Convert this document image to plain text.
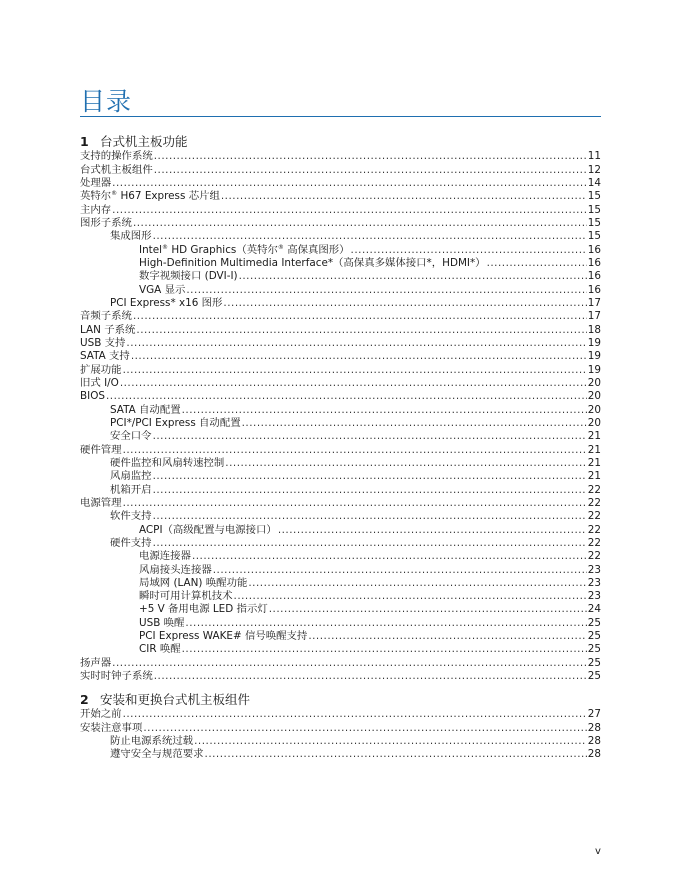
目录
1 台式机主板功能
支持的操作系统 .....	11
台式机主板组件 .....	12
处理器 .....	14
英特尔® H67 Express 芯片组 .....	15
主内存 .....	15
图形子系统 .....	15
集成图形 .....	15
Intel® HD Graphics（英特尔® 高保真图形） .....	16
High-Definition Multimedia Interface*（高保真多媒体接口*，HDMI*） .....	16
数字视频接口 (DVI-I) .....	16
VGA 显示 .....	16
PCI Express* x16 图形 .....	17
音频子系统 .....	17
LAN 子系统 .....	18
USB 支持 .....	19
SATA 支持 .....	19
扩展功能 .....	19
旧式 I/O .....	20
BIOS .....	20
SATA 自动配置 .....	20
PCI*/PCI Express 自动配置 .....	20
安全口令 .....	21
硬件管理 .....	21
硬件监控和风扇转速控制 .....	21
风扇监控 .....	21
机箱开启 .....	22
电源管理 .....	22
软件支持 .....	22
ACPI（高级配置与电源接口） .....	22
硬件支持 .....	22
电源连接器 .....	22
风扇接头连接器 .....	23
局域网 (LAN) 唤醒功能 .....	23
瞬时可用计算机技术 .....	23
+5 V 备用电源 LED 指示灯 .....	24
USB 唤醒 .....	25
PCI Express WAKE# 信号唤醒支持 .....	25
CIR 唤醒 .....	25
扬声器 .....	25
实时时钟子系统 .....	25
2 安装和更换台式机主板组件
开始之前 .....	27
安装注意事项 .....	28
防止电源系统过载 .....	28
遵守安全与规范要求 .....	28
v
